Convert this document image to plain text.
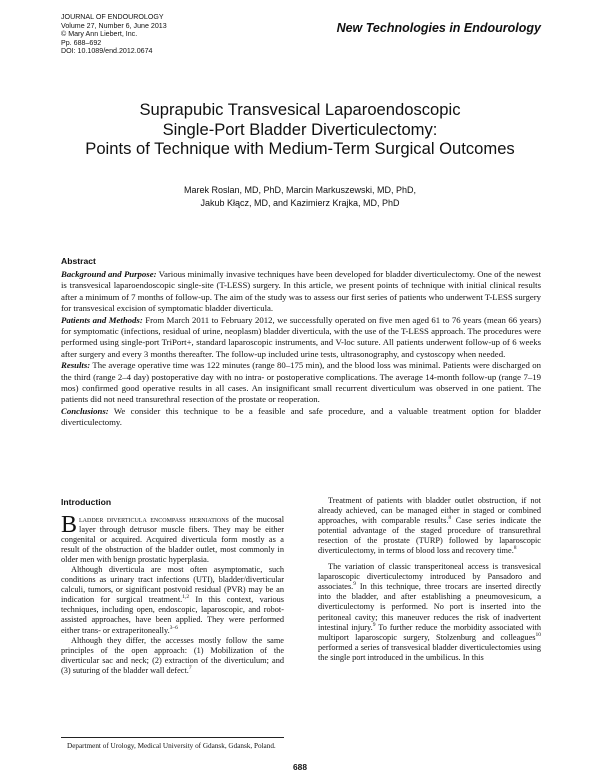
JOURNAL OF ENDOUROLOGY
Volume 27, Number 6, June 2013
© Mary Ann Liebert, Inc.
Pp. 688–692
DOI: 10.1089/end.2012.0674
New Technologies in Endourology
Suprapubic Transvesical Laparoendoscopic
Single-Port Bladder Diverticulectomy:
Points of Technique with Medium-Term Surgical Outcomes
Marek Roslan, MD, PhD, Marcin Markuszewski, MD, PhD,
Jakub Kłącz, MD, and Kazimierz Krajka, MD, PhD
Abstract

Background and Purpose: Various minimally invasive techniques have been developed for bladder diverticulectomy. One of the newest is transvesical laparoendoscopic single-site (T-LESS) surgery. In this article, we present points of technique with initial clinical results after a minimum of 7 months of follow-up. The aim of the study was to assess our first series of patients who underwent T-LESS surgery for transvesical excision of symptomatic bladder diverticula.

Patients and Methods: From March 2011 to February 2012, we successfully operated on five men aged 61 to 76 years (mean 66 years) for symptomatic (infections, residual of urine, neoplasm) bladder diverticula, with the use of the T-LESS approach. The procedures were performed using single-port TriPort+, standard laparoscopic instruments, and V-loc suture. All patients underwent follow-up of 6 weeks after surgery and every 3 months thereafter. The follow-up included urine tests, ultrasonography, and cystoscopy when needed.

Results: The average operative time was 122 minutes (range 80–175 min), and the blood loss was minimal. Patients were discharged on the third (range 2–4 day) postoperative day with no intra- or postoperative complications. The average 14-month follow-up (range 7–19 mos) confirmed good operative results in all cases. An insignificant small recurrent diverticulum was observed in one patient. The patients did not need transurethral resection of the prostate or reoperation.

Conclusions: We consider this technique to be a feasible and safe procedure, and a valuable treatment option for bladder diverticulectomy.

Introduction

Bladder diverticula encompass herniations of the mucosal layer through detrusor muscle fibers. They may be either congenital or acquired. Acquired diverticula form mostly as a result of the obstruction of the bladder outlet, most commonly in older men with benign prostatic hyperplasia.

Although diverticula are most often asymptomatic, such conditions as urinary tract infections (UTI), bladder/diverticular calculi, tumors, or significant postvoid residual (PVR) may be an indication for surgical treatment.$^{1,2}$ In this context, various techniques, including open, endoscopic, laparoscopic, and robot-assisted approaches, have been applied. They were performed either trans- or extraperitoneally.$^{3-6}$

Although they differ, the accesses mostly follow the same principles of the open approach: (1) Mobilization of the diverticular sac and neck; (2) extraction of the diverticulum; and (3) suturing of the bladder wall defect.$^7$

Treatment of patients with bladder outlet obstruction, if not already achieved, can be managed either in staged or combined approaches, with comparable results.$^8$ Case series indicate the potential advantage of the staged procedure of transurethral resection of the prostate (TURP) followed by laparoscopic diverticulectomy, in terms of blood loss and recovery time.$^8$

The variation of classic transperitoneal access is transvesical laparoscopic diverticulectomy introduced by Pansadoro and associates.$^9$ In this technique, three trocars are inserted directly into the bladder, and after establishing a pneumovesicum, a diverticulectomy is performed. No port is inserted into the peritoneal cavity; this maneuver reduces the risk of inadvertent intestinal injury.$^9$ To further reduce the morbidity associated with multiport laparoscopic surgery, Stolzenburg and colleagues$^{10}$ performed a series of transvesical bladder diverticulectomies using the single port introduced in the umbilicus. In this

Department of Urology, Medical University of Gdansk, Gdansk, Poland.
688
